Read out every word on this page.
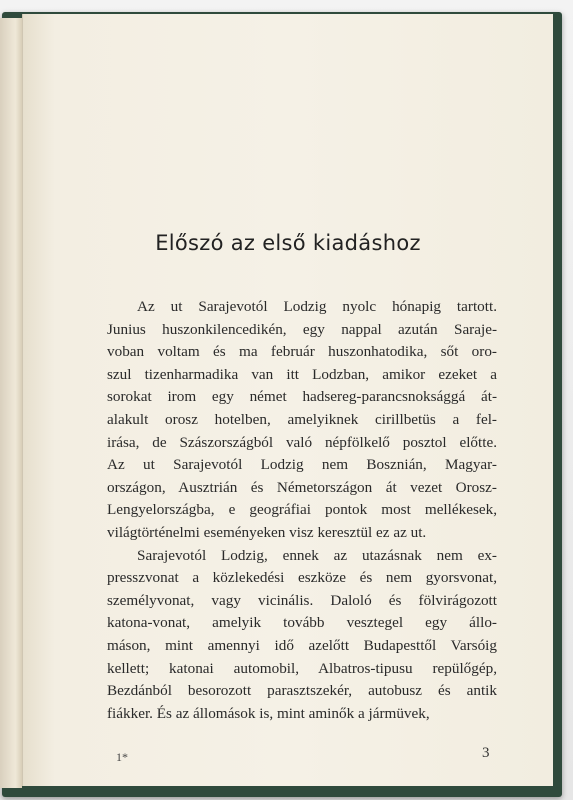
Előszó az első kiadáshoz
Az ut Sarajevotól Lodzig nyolc hónapig tartott.
Junius huszonkilencedikén, egy nappal azután Saraje-
voban voltam és ma február huszonhatodika, sőt oro-
szul tizenharmadika van itt Lodzban, amikor ezeket a
sorokat irom egy német hadsereg-parancsnoksággá át-
alakult orosz hotelben, amelyiknek cirillbetüs a fel-
irása, de Szászországból való népfölkelő posztol előtte.
Az ut Sarajevotól Lodzig nem Bosznián, Magyar-
országon, Ausztrián és Németországon át vezet Orosz-
Lengyelországba, e geográfiai pontok most mellékesek,
világtörténelmi eseményeken visz keresztül ez az ut.
Sarajevotól Lodzig, ennek az utazásnak nem ex-
presszvonat a közlekedési eszköze és nem gyorsvonat,
személyvonat, vagy vicinális. Daloló és fölvirágozott
katona-vonat, amelyik tovább vesztegel egy állo-
máson, mint amennyi idő azelőtt Budapesttől Varsóig
kellett; katonai automobil, Albatros-tipusu repülőgép,
Bezdánból besorozott parasztszekér, autobusz és antik
fiákker. És az állomások is, mint aminők a jármüvek,
1*	3
